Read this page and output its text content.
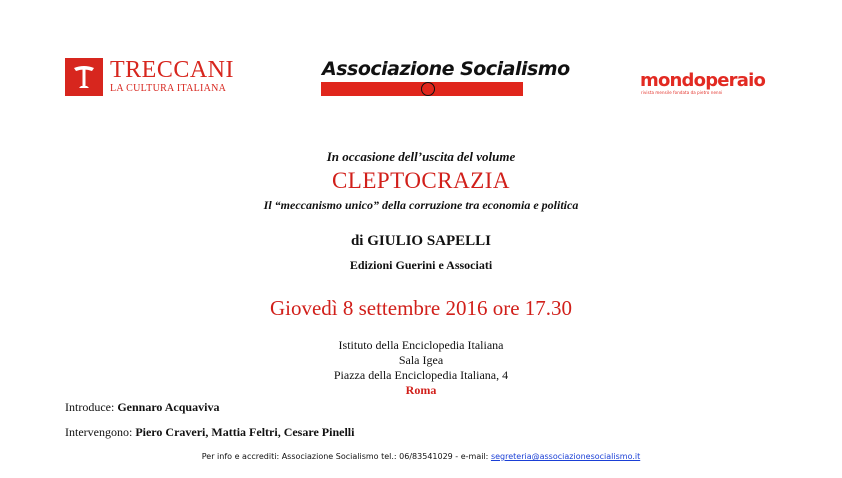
TRECCANI
LA CULTURA ITALIANA
Associazione Socialismo
mondoperaio
rivista mensile fondata da pietro nenni
In occasione dell’uscita del volume
CLEPTOCRAZIA
Il “meccanismo unico” della corruzione tra economia e politica
di GIULIO SAPELLI
Edizioni Guerini e Associati
Giovedì 8 settembre 2016 ore 17.30
Istituto della Enciclopedia Italiana
Sala Igea
Piazza della Enciclopedia Italiana, 4
Roma
Introduce: Gennaro Acquaviva
Intervengono: Piero Craveri, Mattia Feltri, Cesare Pinelli
Per info e accrediti: Associazione Socialismo tel.: 06/83541029 - e-mail: segreteria@associazionesocialismo.it
